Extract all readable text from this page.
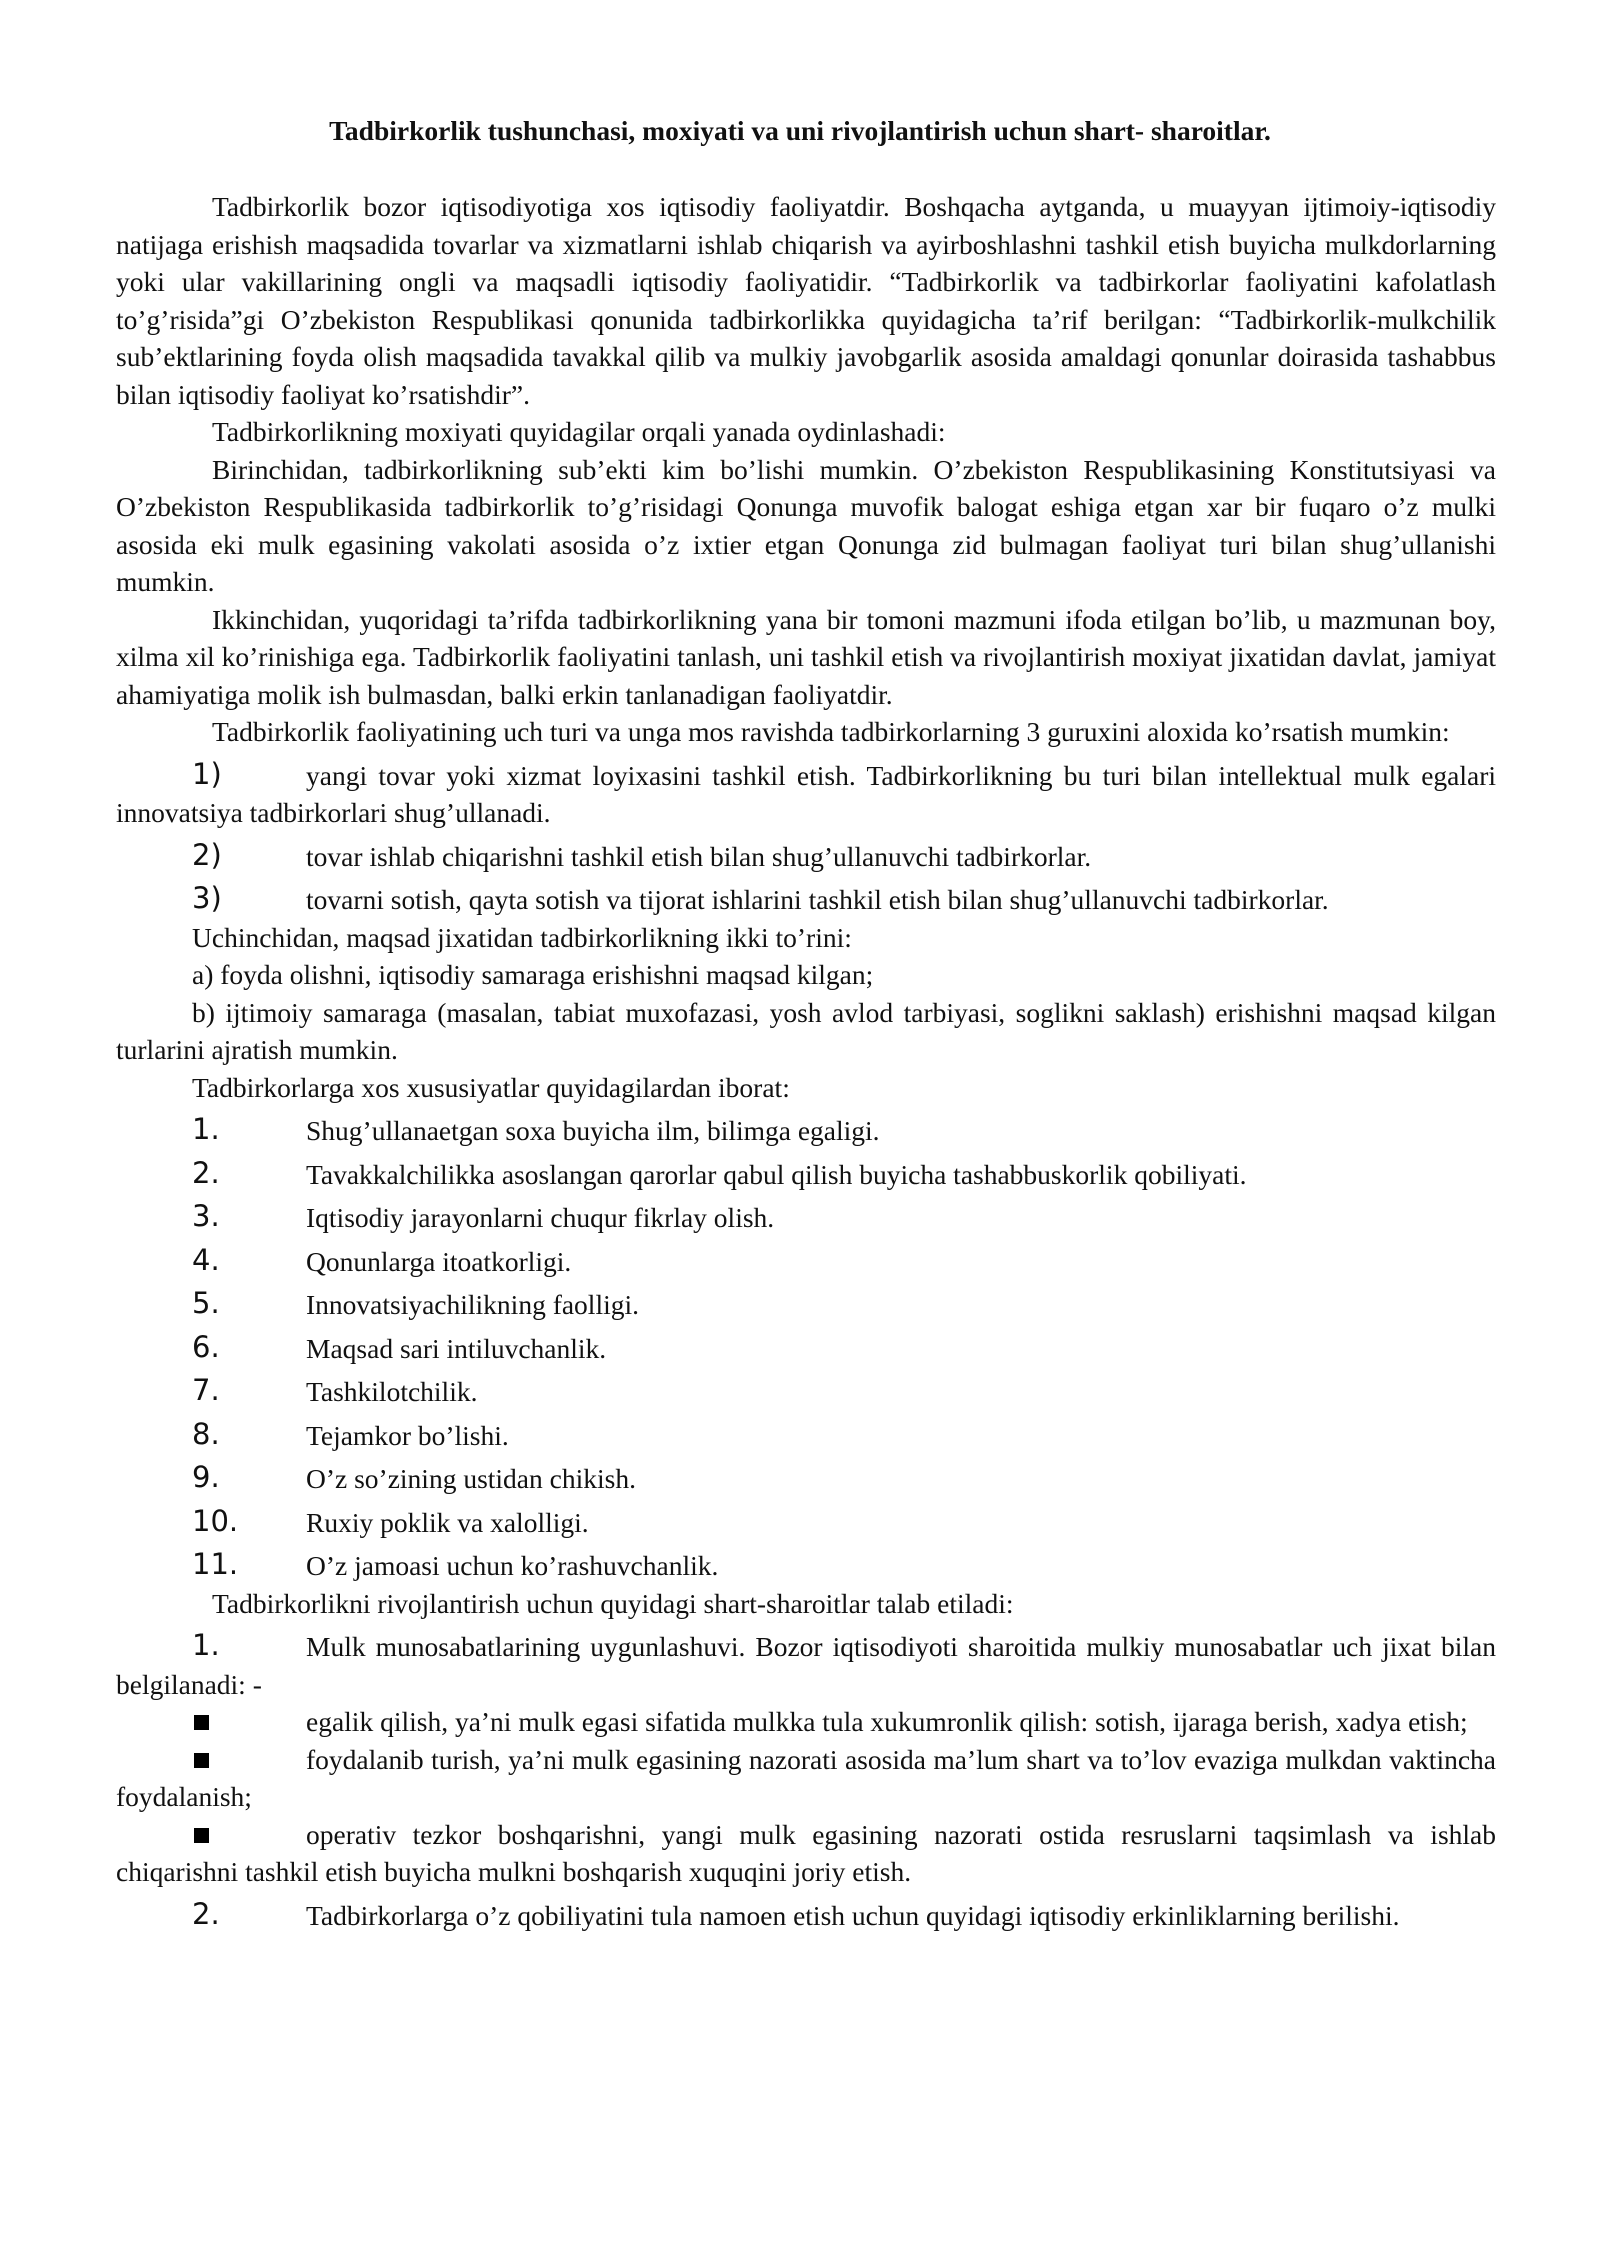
Tadbirkorlik tushunchasi, moxiyati va uni rivojlantirish uchun shart- sharoitlar.

Tadbirkorlik bozor iqtisodiyotiga xos iqtisodiy faoliyatdir. Boshqacha aytganda, u muayyan ijtimoiy-iqtisodiy natijaga erishish maqsadida tovarlar va xizmatlarni ishlab chiqarish va ayirboshlashni tashkil etish buyicha mulkdorlarning yoki ular vakillarining ongli va maqsadli iqtisodiy faoliyatidir. “Tadbirkorlik va tadbirkorlar faoliyatini kafolatlash to’g’risida”gi O’zbekiston Respublikasi qonunida tadbirkorlikka quyidagicha ta’rif berilgan: “Tadbirkorlik-mulkchilik sub’ektlarining foyda olish maqsadida tavakkal qilib va mulkiy javobgarlik asosida amaldagi qonunlar doirasida tashabbus bilan iqtisodiy faoliyat ko’rsatishdir”.

Tadbirkorlikning moxiyati quyidagilar orqali yanada oydinlashadi:

Birinchidan, tadbirkorlikning sub’ekti kim bo’lishi mumkin. O’zbekiston Respublikasining Konstitutsiyasi va O’zbekiston Respublikasida tadbirkorlik to’g’risidagi Qonunga muvofik balogat eshiga etgan xar bir fuqaro o’z mulki asosida eki mulk egasining vakolati asosida o’z ixtier etgan Qonunga zid bulmagan faoliyat turi bilan shug’ullanishi mumkin.

Ikkinchidan, yuqoridagi ta’rifda tadbirkorlikning yana bir tomoni mazmuni ifoda etilgan bo’lib, u mazmunan boy, xilma xil ko’rinishiga ega. Tadbirkorlik faoliyatini tanlash, uni tashkil etish va rivojlantirish moxiyat jixatidan davlat, jamiyat ahamiyatiga molik ish bulmasdan, balki erkin tanlanadigan faoliyatdir.

Tadbirkorlik faoliyatining uch turi va unga mos ravishda tadbirkorlarning 3 guruxini aloxida ko’rsatish mumkin:

1)	yangi tovar yoki xizmat loyixasini tashkil etish. Tadbirkorlikning bu turi bilan intellektual mulk egalari innovatsiya tadbirkorlari shug’ullanadi.
2)	tovar ishlab chiqarishni tashkil etish bilan shug’ullanuvchi tadbirkorlar.
3)	tovarni sotish, qayta sotish va tijorat ishlarini tashkil etish bilan shug’ullanuvchi tadbirkorlar.

Uchinchidan, maqsad jixatidan tadbirkorlikning ikki to’rini:

a) foyda olishni, iqtisodiy samaraga erishishni maqsad kilgan;

b) ijtimoiy samaraga (masalan, tabiat muxofazasi, yosh avlod tarbiyasi, soglikni saklash) erishishni maqsad kilgan turlarini ajratish mumkin.

Tadbirkorlarga xos xususiyatlar quyidagilardan iborat:

1.	Shug’ullanaetgan soxa buyicha ilm, bilimga egaligi.
2.	Tavakkalchilikka asoslangan qarorlar qabul qilish buyicha tashabbuskorlik qobiliyati.
3.	Iqtisodiy jarayonlarni chuqur fikrlay olish.
4.	Qonunlarga itoatkorligi.
5.	Innovatsiyachilikning faolligi.
6.	Maqsad sari intiluvchanlik.
7.	Tashkilotchilik.
8.	Tejamkor bo’lishi.
9.	O’z so’zining ustidan chikish.
10. Ruxiy poklik va xalolligi.
11. O’z jamoasi uchun ko’rashuvchanlik.

Tadbirkorlikni rivojlantirish uchun quyidagi shart-sharoitlar talab etiladi:

1.	Mulk munosabatlarining uygunlashuvi. Bozor iqtisodiyoti sharoitida mulkiy munosabatlar uch jixat bilan belgilanadi: -
egalik qilish, ya’ni mulk egasi sifatida mulkka tula xukumronlik qilish: sotish, ijaraga berish, xadya etish;
foydalanib turish, ya’ni mulk egasining nazorati asosida ma’lum shart va to’lov evaziga mulkdan vaktincha foydalanish;
operativ tezkor boshqarishni, yangi mulk egasining nazorati ostida resruslarni taqsimlash va ishlab chiqarishni tashkil etish buyicha mulkni boshqarish xuquqini joriy etish.
2.	Tadbirkorlarga o’z qobiliyatini tula namoen etish uchun quyidagi iqtisodiy erkinliklarning berilishi.
